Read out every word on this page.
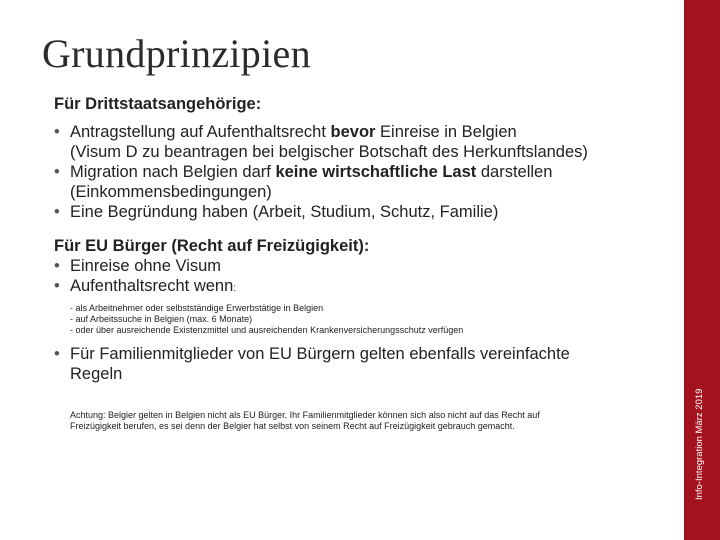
Info-Integration März 2019
Grundprinzipien

Für Drittstaatsangehörige:

• Antragstellung auf Aufenthaltsrecht bevor Einreise in Belgien
(Visum D zu beantragen bei belgischer Botschaft des Herkunftslandes)
• Migration nach Belgien darf keine wirtschaftliche Last darstellen
(Einkommensbedingungen)
• Eine Begründung haben (Arbeit, Studium, Schutz, Familie)

Für EU Bürger (Recht auf Freizügigkeit):

• Einreise ohne Visum
• Aufenthaltsrecht wenn:
- als Arbeitnehmer oder selbstständige Erwerbstätige in Belgien
- auf Arbeitssuche in Belgien (max. 6 Monate)
- oder über ausreichende Existenzmittel und ausreichenden Krankenversicherungsschutz verfügen
• Für Familienmitglieder von EU Bürgern gelten ebenfalls vereinfachte
Regeln
Achtung: Belgier gelten in Belgien nicht als EU Bürger. Ihr Familienmitglieder können sich also nicht auf das Recht auf
Freizügigkeit berufen, es sei denn der Belgier hat selbst von seinem Recht auf Freizügigkeit gebrauch gemacht.
